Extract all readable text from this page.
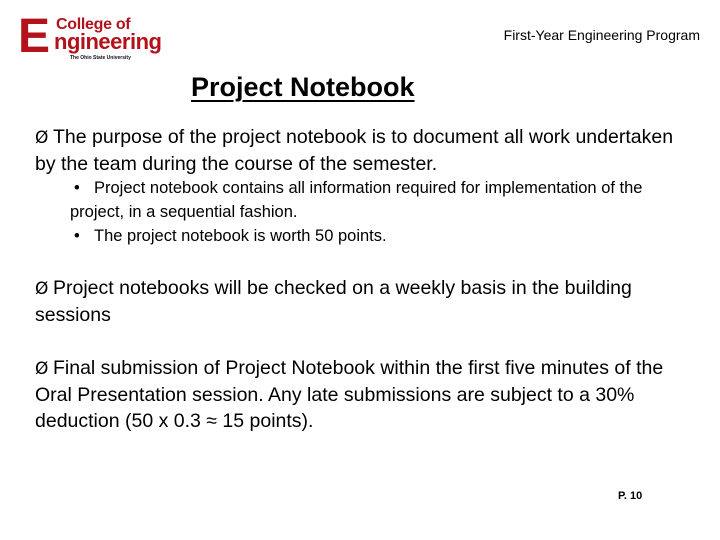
E College of
ngineering
The Ohio State University
First-Year Engineering Program
Project Notebook
Ø The purpose of the project notebook is to document all work undertaken by the team during the course of the semester.
• Project notebook contains all information required for implementation of the project, in a sequential fashion.
• The project notebook is worth 50 points.
Ø Project notebooks will be checked on a weekly basis in the building sessions
Ø Final submission of Project Notebook within the first five minutes of the Oral Presentation session. Any late submissions are subject to a 30% deduction (50 x 0.3 ≈ 15 points).
P. 10
